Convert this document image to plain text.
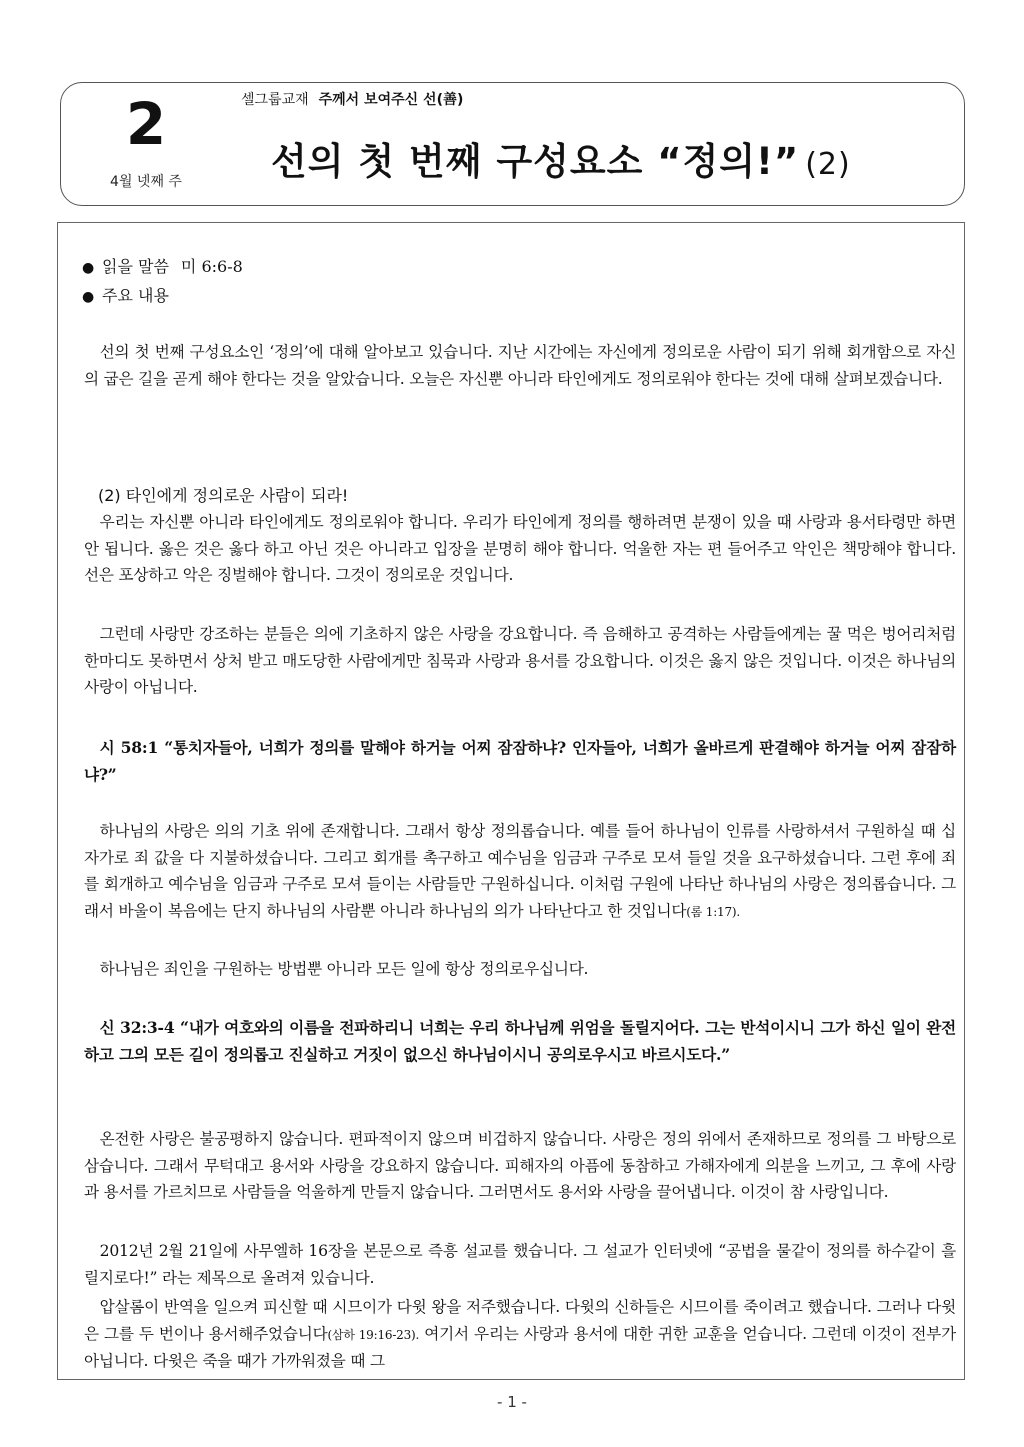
2
4월 넷째 주
셀그룹교재 주께서 보여주신 선(善)
선의 첫 번째 구성요소 “정의!” (2)
● 읽을 말씀 미 6:6-8
● 주요 내용

선의 첫 번째 구성요소인 ‘정의’에 대해 알아보고 있습니다. 지난 시간에는 자신에게 정의로운 사람이 되기 위해 회개함으로 자신의 굽은 길을 곧게 해야 한다는 것을 알았습니다. 오늘은 자신뿐 아니라 타인에게도 정의로워야 한다는 것에 대해 살펴보겠습니다.

(2) 타인에게 정의로운 사람이 되라!

우리는 자신뿐 아니라 타인에게도 정의로워야 합니다. 우리가 타인에게 정의를 행하려면 분쟁이 있을 때 사랑과 용서타령만 하면 안 됩니다. 옳은 것은 옳다 하고 아닌 것은 아니라고 입장을 분명히 해야 합니다. 억울한 자는 편 들어주고 악인은 책망해야 합니다. 선은 포상하고 악은 징벌해야 합니다. 그것이 정의로운 것입니다.

그런데 사랑만 강조하는 분들은 의에 기초하지 않은 사랑을 강요합니다. 즉 음해하고 공격하는 사람들에게는 꿀 먹은 벙어리처럼 한마디도 못하면서 상처 받고 매도당한 사람에게만 침묵과 사랑과 용서를 강요합니다. 이것은 옳지 않은 것입니다. 이것은 하나님의 사랑이 아닙니다.

시 58:1 “통치자들아, 너희가 정의를 말해야 하거늘 어찌 잠잠하냐? 인자들아, 너희가 올바르게 판결해야 하거늘 어찌 잠잠하냐?”

하나님의 사랑은 의의 기초 위에 존재합니다. 그래서 항상 정의롭습니다. 예를 들어 하나님이 인류를 사랑하셔서 구원하실 때 십자가로 죄 값을 다 지불하셨습니다. 그리고 회개를 촉구하고 예수님을 임금과 구주로 모셔 들일 것을 요구하셨습니다. 그런 후에 죄를 회개하고 예수님을 임금과 구주로 모셔 들이는 사람들만 구원하십니다. 이처럼 구원에 나타난 하나님의 사랑은 정의롭습니다. 그래서 바울이 복음에는 단지 하나님의 사람뿐 아니라 하나님의 의가 나타난다고 한 것입니다(롬 1:17).

하나님은 죄인을 구원하는 방법뿐 아니라 모든 일에 항상 정의로우십니다.

신 32:3-4 “내가 여호와의 이름을 전파하리니 너희는 우리 하나님께 위엄을 돌릴지어다. 그는 반석이시니 그가 하신 일이 완전하고 그의 모든 길이 정의롭고 진실하고 거짓이 없으신 하나님이시니 공의로우시고 바르시도다.”

온전한 사랑은 불공평하지 않습니다. 편파적이지 않으며 비겁하지 않습니다. 사랑은 정의 위에서 존재하므로 정의를 그 바탕으로 삼습니다. 그래서 무턱대고 용서와 사랑을 강요하지 않습니다. 피해자의 아픔에 동참하고 가해자에게 의분을 느끼고, 그 후에 사랑과 용서를 가르치므로 사람들을 억울하게 만들지 않습니다. 그러면서도 용서와 사랑을 끌어냅니다. 이것이 참 사랑입니다.

2012년 2월 21일에 사무엘하 16장을 본문으로 즉흥 설교를 했습니다. 그 설교가 인터넷에 “공법을 물같이 정의를 하수같이 흘릴지로다!” 라는 제목으로 올려져 있습니다.

압살롬이 반역을 일으켜 피신할 때 시므이가 다윗 왕을 저주했습니다. 다윗의 신하들은 시므이를 죽이려고 했습니다. 그러나 다윗은 그를 두 번이나 용서해주었습니다(삼하 19:16-23). 여기서 우리는 사랑과 용서에 대한 귀한 교훈을 얻습니다. 그런데 이것이 전부가 아닙니다. 다윗은 죽을 때가 가까워졌을 때 그

- 1 -
